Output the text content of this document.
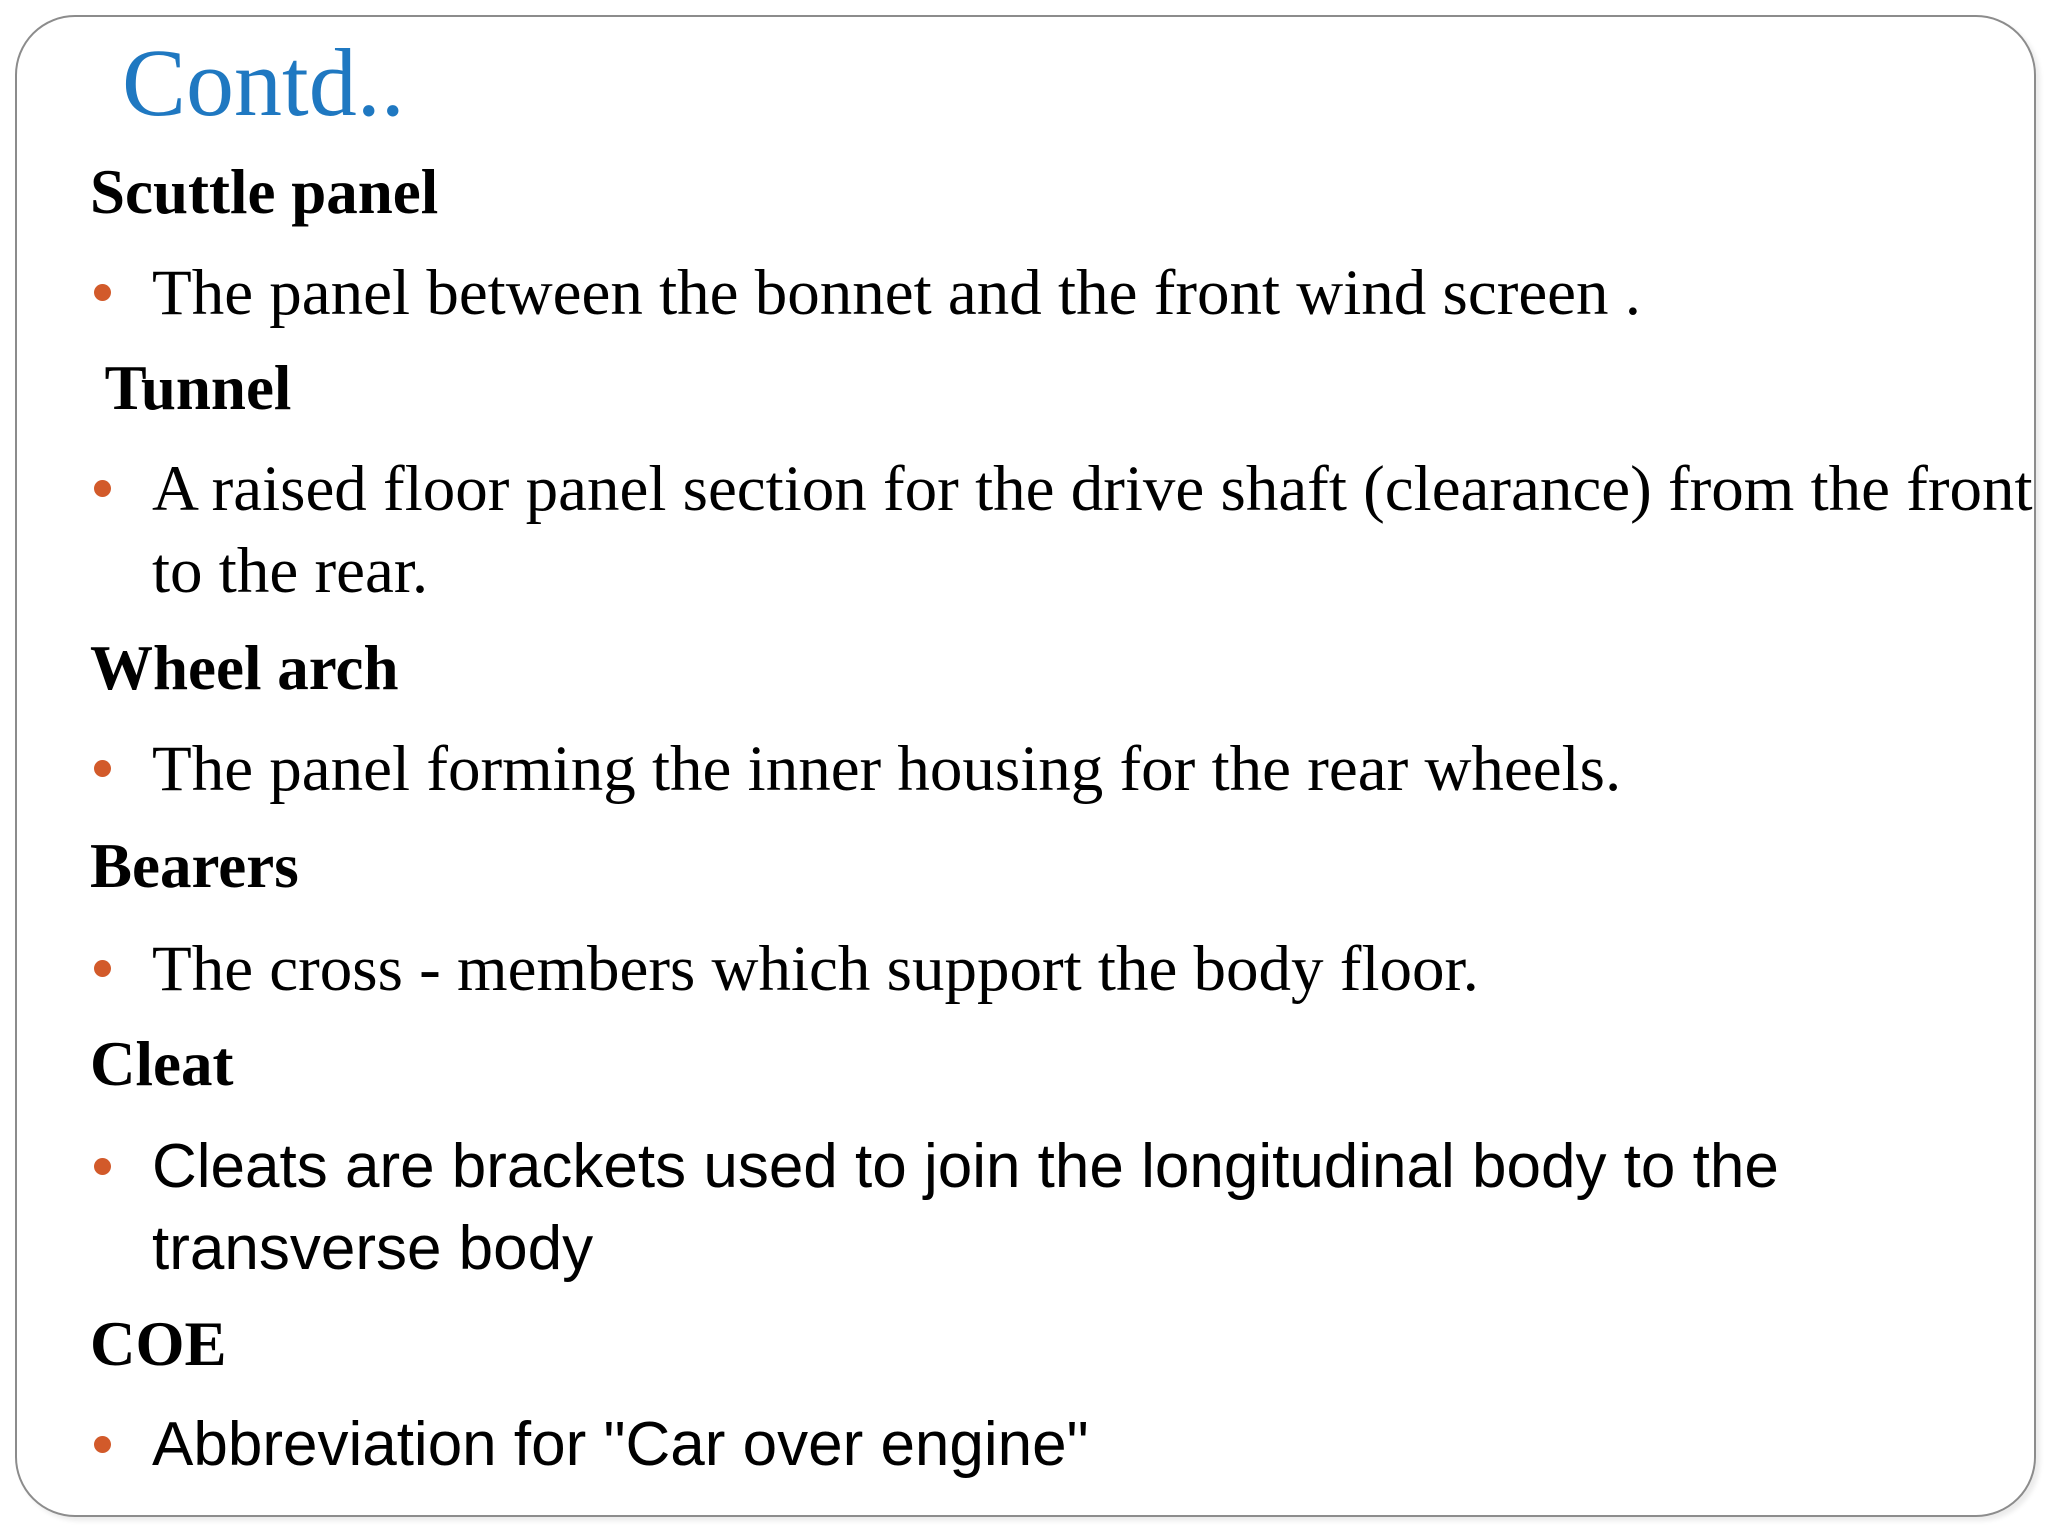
Contd..
Scuttle panel

The panel between the bonnet and the front wind screen .

Tunnel

A raised floor panel section for the drive shaft (clearance) from the front to the rear.

Wheel arch

The panel forming the inner housing for the rear wheels.

Bearers

The cross - members which support the body floor.

Cleat

Cleats are brackets used to join the longitudinal body to the transverse body

COE

Abbreviation for "Car over engine"
